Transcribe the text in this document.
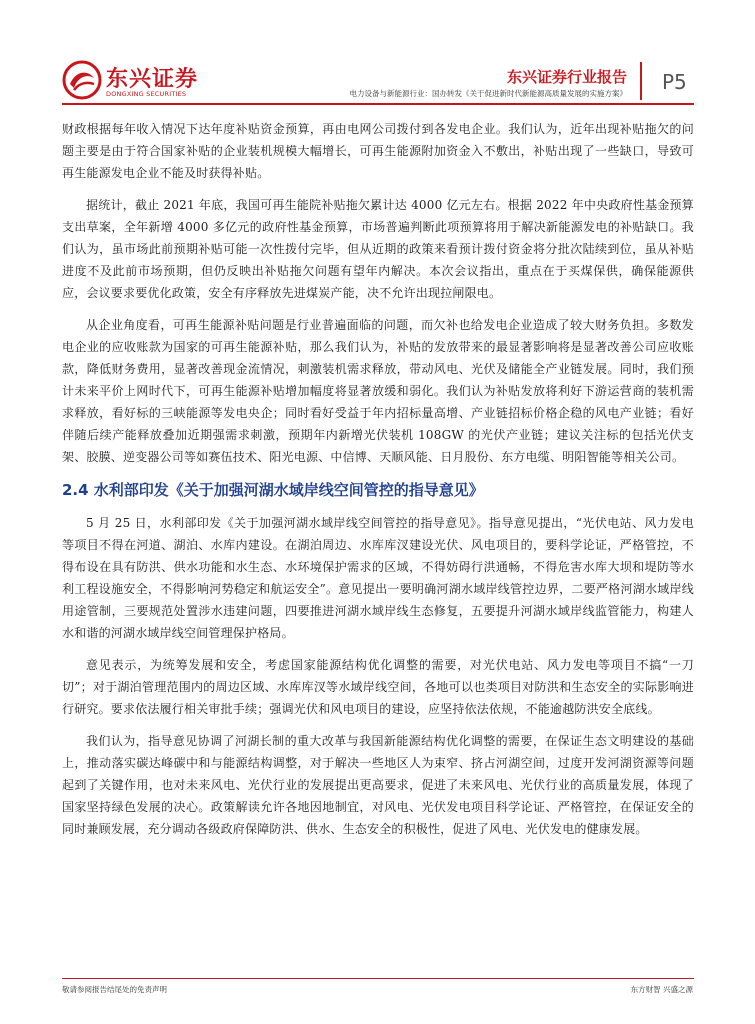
东兴证券
DONGXING SECURITIES
东兴证券行业报告
电力设备与新能源行业：国办转发《关于促进新时代新能源高质量发展的实施方案》 P5

财政根据每年收入情况下达年度补贴资金预算，再由电网公司拨付到各发电企业。我们认为，近年出现补贴拖欠的问题主要是由于符合国家补贴的企业装机规模大幅增长，可再生能源附加资金入不敷出，补贴出现了一些缺口，导致可再生能源发电企业不能及时获得补贴。

据统计，截止 2021 年底，我国可再生能院补贴拖欠累计达 4000 亿元左右。根据 2022 年中央政府性基金预算支出草案，全年新增 4000 多亿元的政府性基金预算，市场普遍判断此项预算将用于解决新能源发电的补贴缺口。我们认为，虽市场此前预期补贴可能一次性拨付完毕，但从近期的政策来看预计拨付资金将分批次陆续到位，虽从补贴进度不及此前市场预期，但仍反映出补贴拖欠问题有望年内解决。本次会议指出，重点在于买煤保供，确保能源供应，会议要求要优化政策，安全有序释放先进煤炭产能，决不允许出现拉闸限电。

从企业角度看，可再生能源补贴问题是行业普遍面临的问题，而欠补也给发电企业造成了较大财务负担。多数发电企业的应收账款为国家的可再生能源补贴，那么我们认为，补贴的发放带来的最显著影响将是显著改善公司应收账款，降低财务费用，显著改善现金流情况，刺激装机需求释放，带动风电、光伏及储能全产业链发展。同时，我们预计未来平价上网时代下，可再生能源补贴增加幅度将显著放缓和弱化。我们认为补贴发放将利好下游运营商的装机需求释放，看好标的三峡能源等发电央企；同时看好受益于年内招标量高增、产业链招标价格企稳的风电产业链；看好伴随后续产能释放叠加近期强需求刺激，预期年内新增光伏装机 108GW 的光伏产业链；建议关注标的包括光伏支架、胶膜、逆变器公司等如赛伍技术、阳光电源、中信博、天顺风能、日月股份、东方电缆、明阳智能等相关公司。

2.4 水利部印发《关于加强河湖水域岸线空间管控的指导意见》

5 月 25 日，水利部印发《关于加强河湖水域岸线空间管控的指导意见》。指导意见提出，“光伏电站、风力发电等项目不得在河道、湖泊、水库内建设。在湖泊周边、水库库汊建设光伏、风电项目的，要科学论证，严格管控，不得布设在具有防洪、供水功能和水生态、水环境保护需求的区域，不得妨碍行洪通畅，不得危害水库大坝和堤防等水利工程设施安全，不得影响河势稳定和航运安全”。意见提出一要明确河湖水域岸线管控边界，二要严格河湖水域岸线用途管制，三要规范处置涉水违建问题，四要推进河湖水域岸线生态修复，五要提升河湖水域岸线监管能力，构建人水和谐的河湖水域岸线空间管理保护格局。

意见表示，为统筹发展和安全，考虑国家能源结构优化调整的需要，对光伏电站、风力发电等项目不搞“一刀切”；对于湖泊管理范围内的周边区域、水库库汊等水域岸线空间，各地可以也类项目对防洪和生态安全的实际影响进行研究。要求依法履行相关审批手续；强调光伏和风电项目的建设，应坚持依法依规，不能逾越防洪安全底线。

我们认为，指导意见协调了河湖长制的重大改革与我国新能源结构优化调整的需要，在保证生态文明建设的基础上，推动落实碳达峰碳中和与能源结构调整，对于解决一些地区人为束窄、挤占河湖空间，过度开发河湖资源等问题起到了关键作用，也对未来风电、光伏行业的发展提出更高要求，促进了未来风电、光伏行业的高质量发展，体现了国家坚持绿色发展的决心。政策解读允许各地因地制宜，对风电、光伏发电项目科学论证、严格管控，在保证安全的同时兼顾发展，充分调动各级政府保障防洪、供水、生态安全的积极性，促进了风电、光伏发电的健康发展。

敬请参阅报告结尾处的免责声明	东方财智 兴盛之源
